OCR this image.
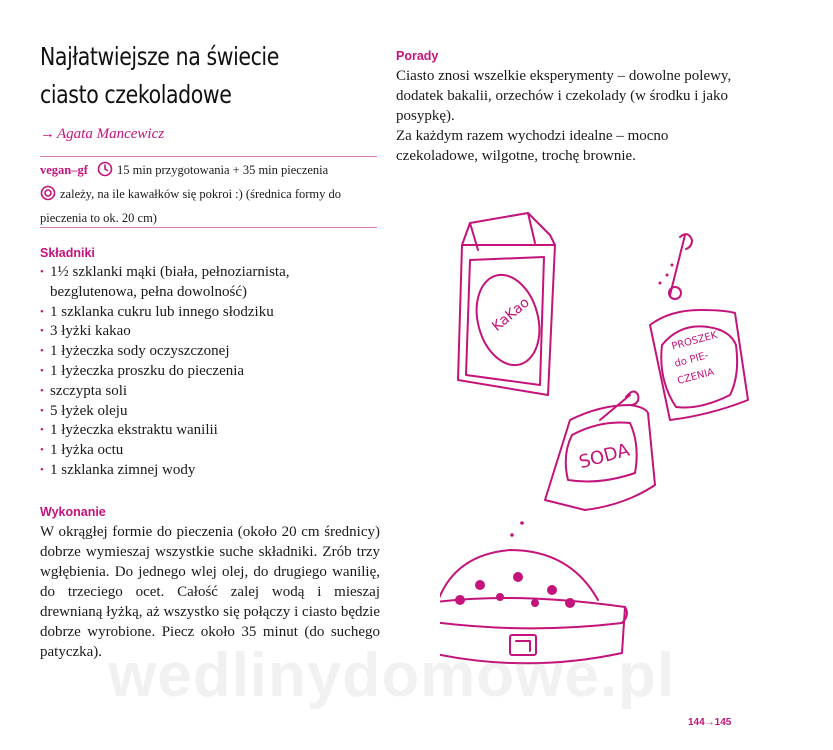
Najłatwiejsze na świecie
ciasto czekoladowe
→ Agata Mancewicz
vegan–gf 15 min przygotowania + 35 min pieczenia
zależy, na ile kawałków się pokroi :) (średnica formy do pieczenia to ok. 20 cm)
Składniki
• 1½ szklanki mąki (biała, pełnoziarnista,
bezglutenowa, pełna dowolność)
• 1 szklanka cukru lub innego słodziku
• 3 łyżki kakao
• 1 łyżeczka sody oczyszczonej
• 1 łyżeczka proszku do pieczenia
• szczypta soli
• 5 łyżek oleju
• 1 łyżeczka ekstraktu wanilii
• 1 łyżka octu
• 1 szklanka zimnej wody
Wykonanie
W okrągłej formie do pieczenia (około 20 cm średnicy) dobrze wymieszaj wszystkie suche składniki. Zrób trzy wgłębienia. Do jednego wlej olej, do drugiego wanilię, do trzeciego ocet. Całość zalej wodą i mieszaj drewnianą łyżką, aż wszystko się połączy i ciasto będzie dobrze wyrobione. Piecz około 35 minut (do suchego patyczka).
Porady

Ciasto znosi wszelkie eksperymenty – dowolne polewy, dodatek bakalii, orzechów i czekolady (w środku i jako posypkę).

Za każdym razem wychodzi idealne – mocno czekoladowe, wilgotne, trochę brownie.

KaKao
PROSZEK
do PIE-
CZENIA
SODA
wedlinydomowe.pl
144→145
